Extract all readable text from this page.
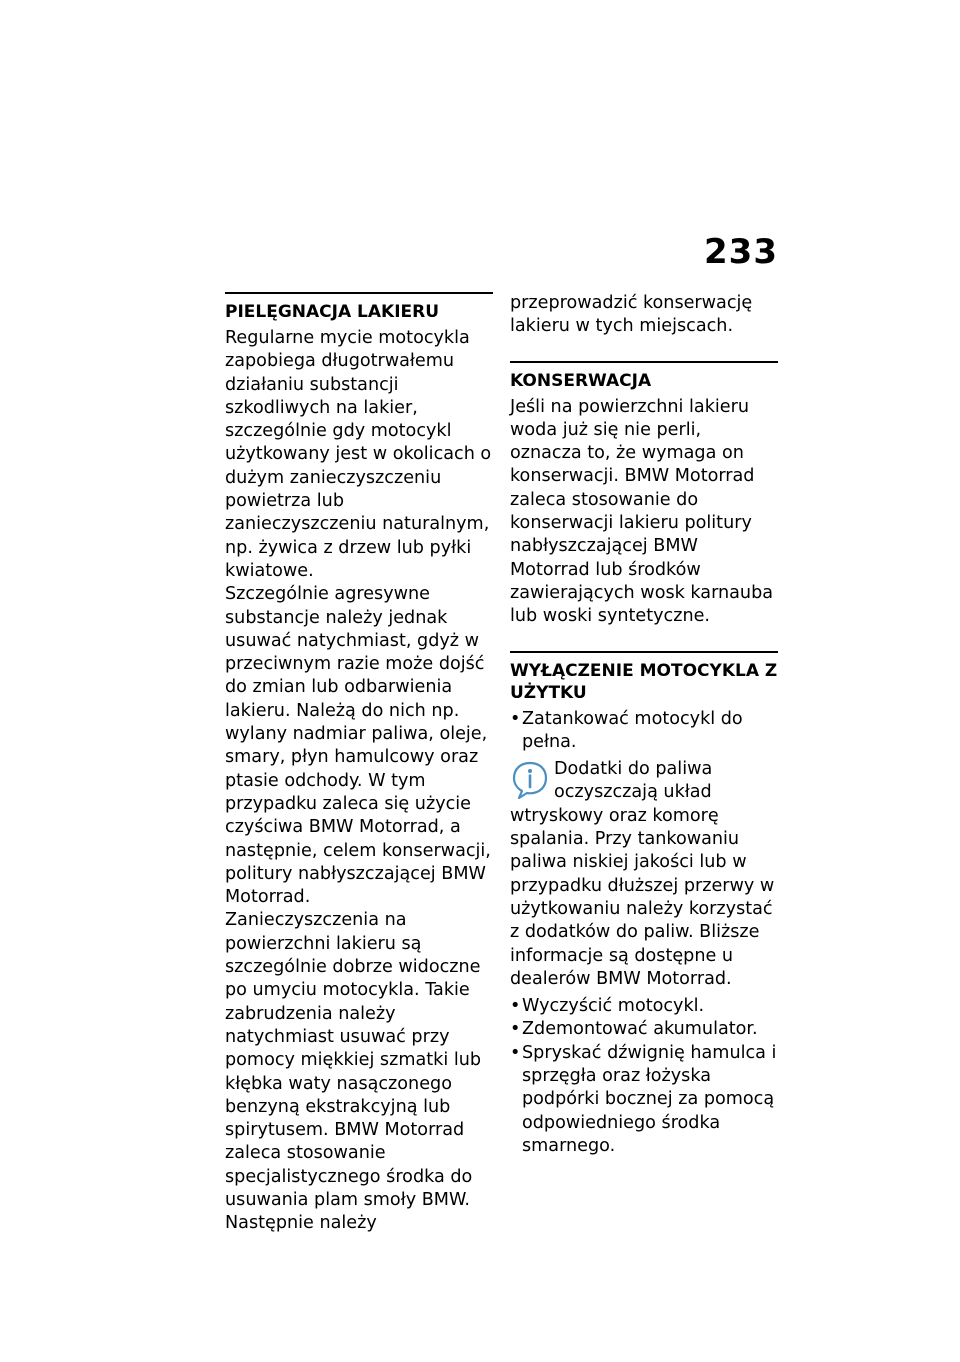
233
PIELĘGNACJA LAKIERU

Regularne mycie motocykla zapobiega długotrwałemu działaniu substancji szkodliwych na lakier, szczególnie gdy motocykl użytkowany jest w okolicach o dużym zanieczyszczeniu powietrza lub zanieczyszczeniu naturalnym, np. żywica z drzew lub pyłki kwiatowe.

Szczególnie agresywne substancje należy jednak usuwać natychmiast, gdyż w przeciwnym razie może dojść do zmian lub odbarwienia lakieru. Należą do nich np. wylany nadmiar paliwa, oleje, smary, płyn hamulcowy oraz ptasie odchody. W tym przypadku zaleca się użycie czyściwa BMW Motorrad, a następnie, celem konserwacji, politury nabłyszczającej BMW Motorrad.

Zanieczyszczenia na powierzchni lakieru są szczególnie dobrze widoczne po umyciu motocykla. Takie zabrudzenia należy natychmiast usuwać przy pomocy miękkiej szmatki lub kłębka waty nasączonego benzyną ekstrakcyjną lub spirytusem. BMW Motorrad zaleca stosowanie specjalistycznego środka do usuwania plam smoły BMW. Następnie należy

przeprowadzić konserwację lakieru w tych miejscach.

KONSERWACJA

Jeśli na powierzchni lakieru woda już się nie perli, oznacza to, że wymaga on konserwacji. BMW Motorrad zaleca stosowanie do konserwacji lakieru politury nabłyszczającej BMW Motorrad lub środków zawierających wosk karnauba lub woski syntetyczne.

WYŁĄCZENIE MOTOCYKLA Z UŻYTKU
• Zatankować motocykl do pełna.
Dodatki do paliwa oczyszczają układ wtryskowy oraz komorę spalania. Przy tankowaniu paliwa niskiej jakości lub w przypadku dłuższej przerwy w użytkowaniu należy korzystać z dodatków do paliw. Bliższe informacje są dostępne u dealerów BMW Motorrad.
• Wyczyścić motocykl.
• Zdemontować akumulator.
• Spryskać dźwignię hamulca i sprzęgła oraz łożyska podpórki bocznej za pomocą odpowiedniego środka smarnego.
